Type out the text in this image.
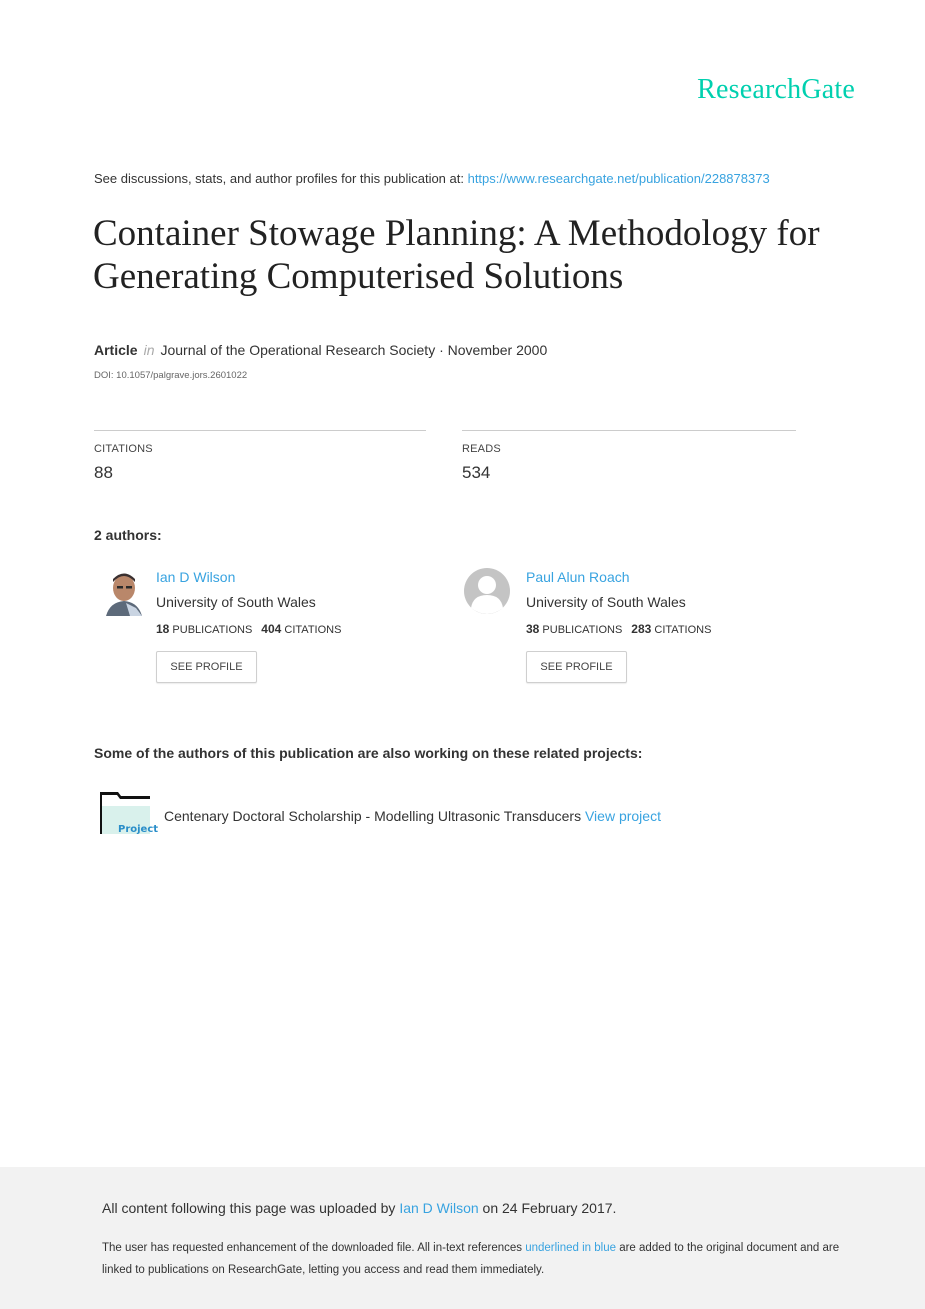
ResearchGate
See discussions, stats, and author profiles for this publication at: https://www.researchgate.net/publication/228878373
Container Stowage Planning: A Methodology for Generating Computerised Solutions
Article in Journal of the Operational Research Society · November 2000
DOI: 10.1057/palgrave.jors.2601022
CITATIONS
88
READS
534
2 authors:
Ian D Wilson
University of South Wales
18 PUBLICATIONS 404 CITATIONS
SEE PROFILE
Paul Alun Roach
University of South Wales
38 PUBLICATIONS 283 CITATIONS
SEE PROFILE
Some of the authors of this publication are also working on these related projects:
Project
Centenary Doctoral Scholarship - Modelling Ultrasonic Transducers View project
All content following this page was uploaded by Ian D Wilson on 24 February 2017.
The user has requested enhancement of the downloaded file. All in-text references underlined in blue are added to the original document and are linked to publications on ResearchGate, letting you access and read them immediately.
